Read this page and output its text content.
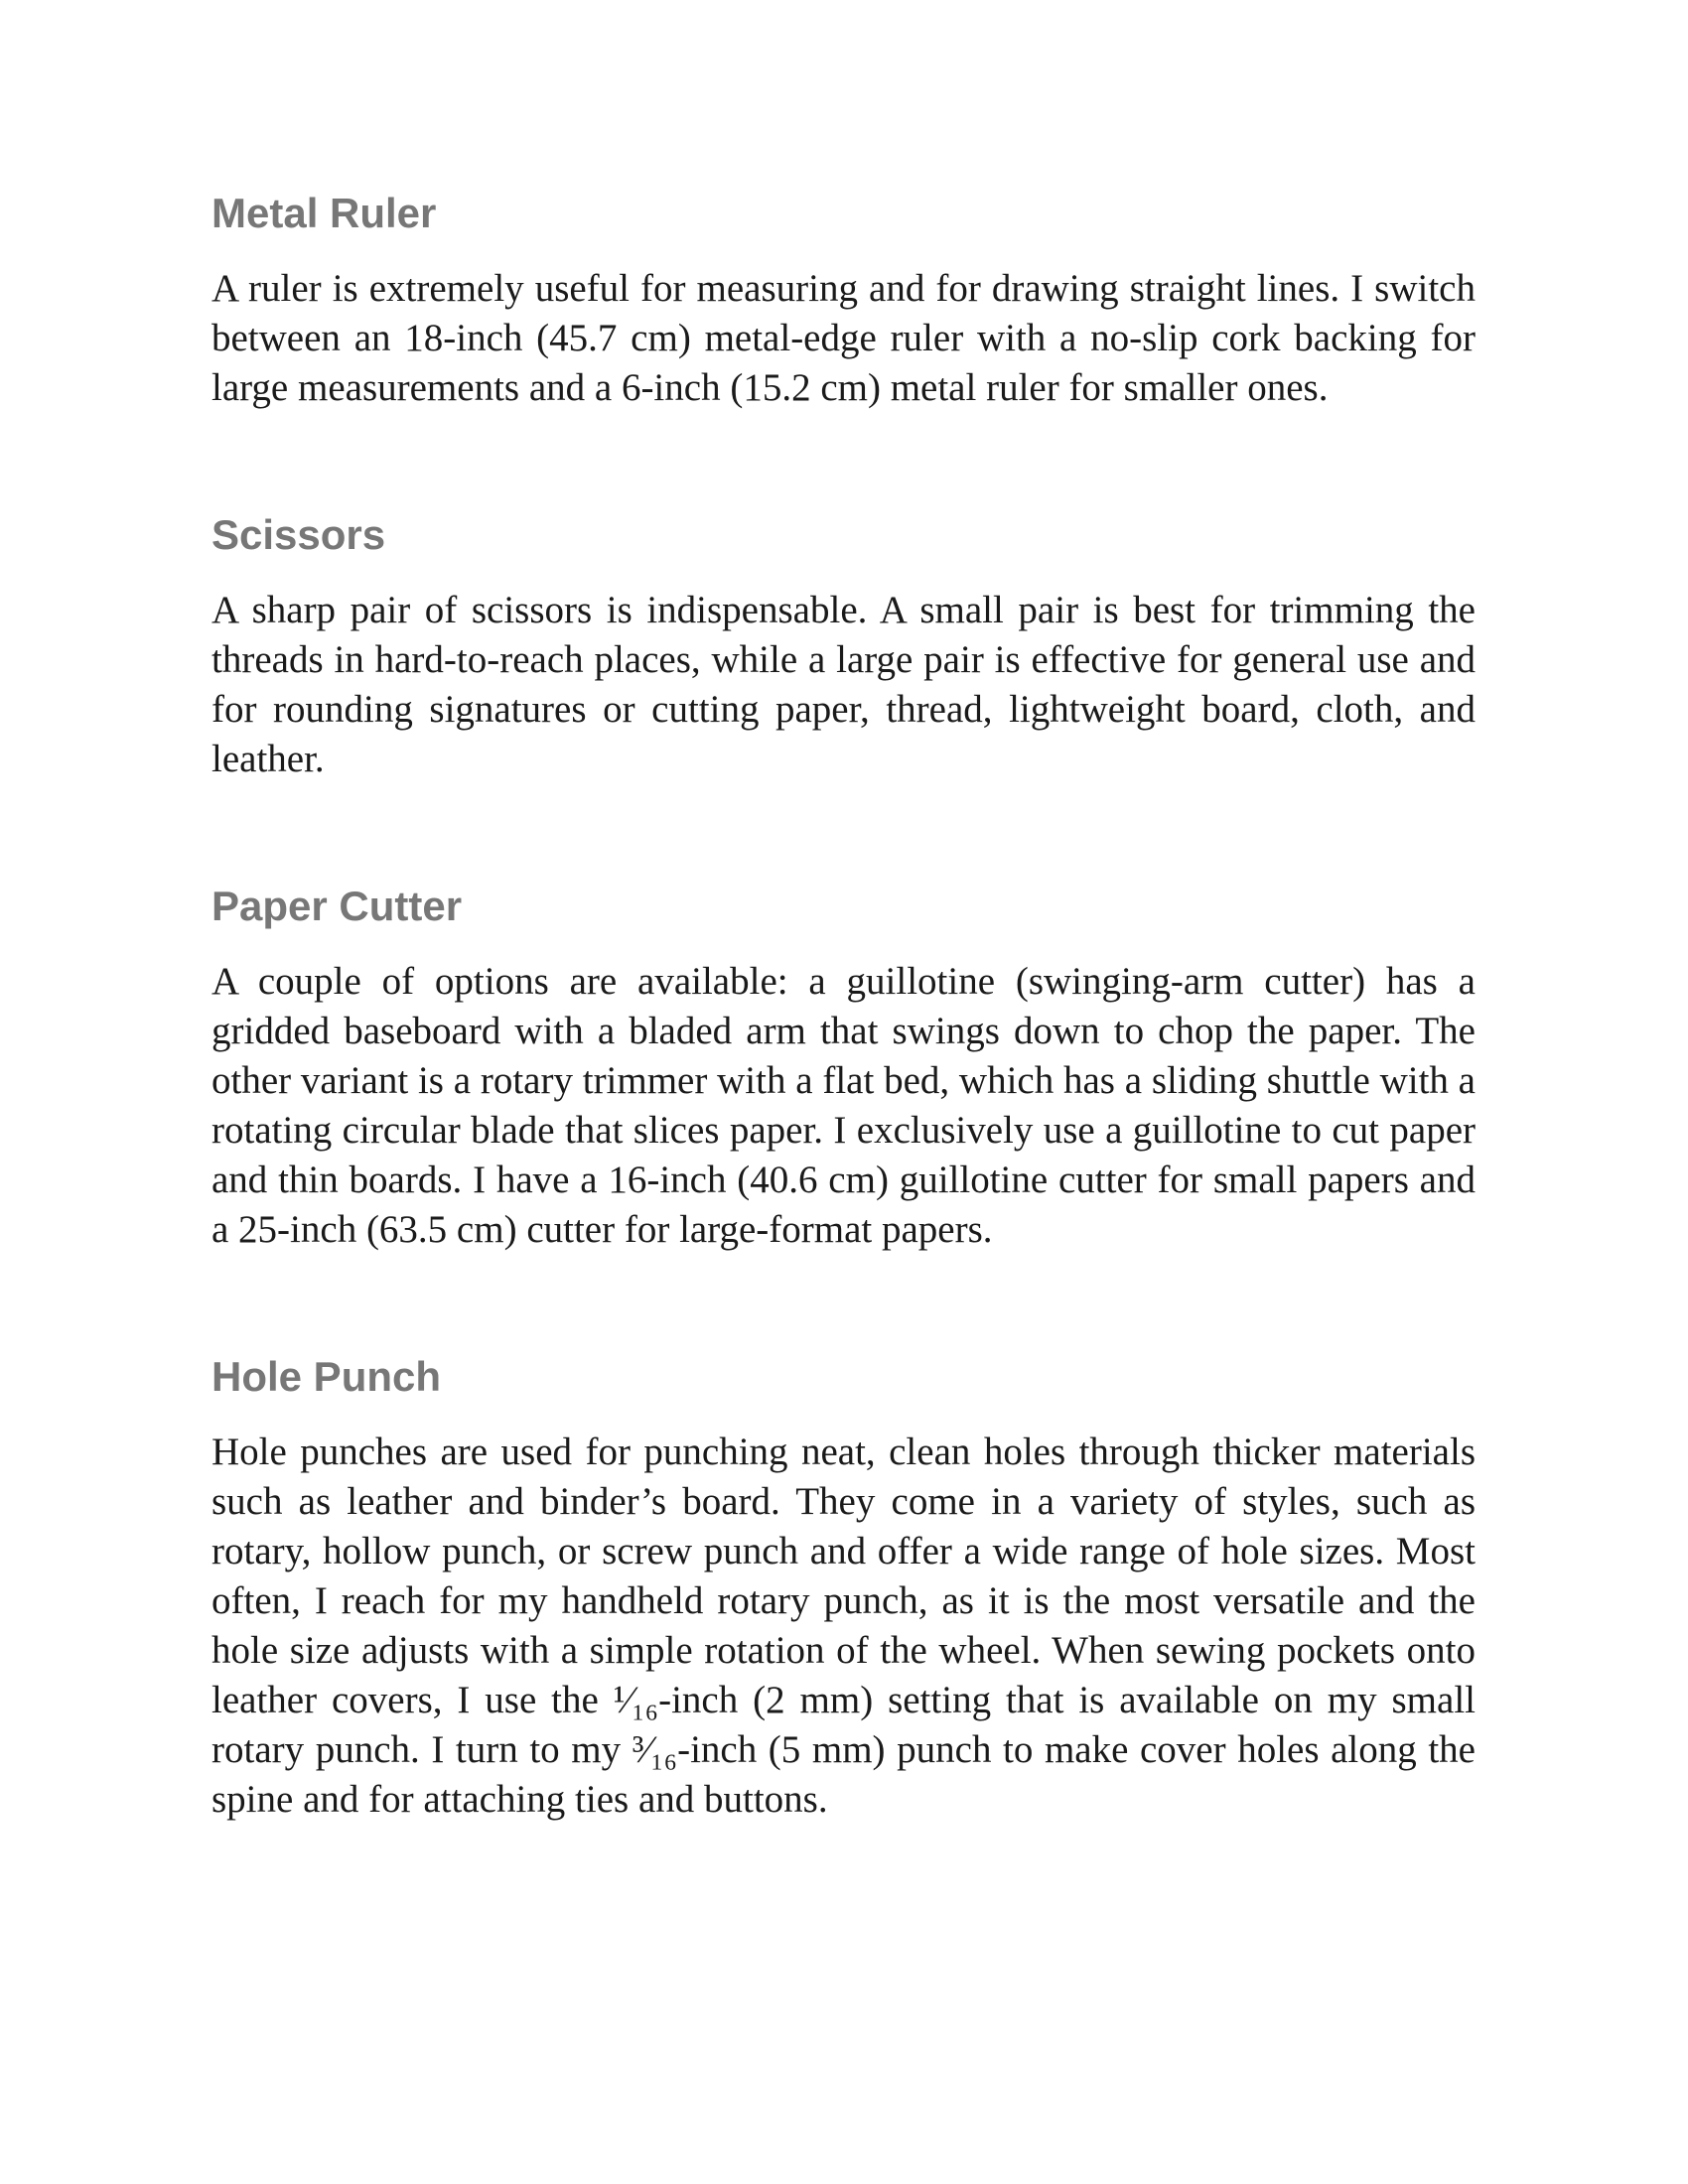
Metal Ruler

A ruler is extremely useful for measuring and for drawing straight lines. I switch between an 18-inch (45.7 cm) metal-edge ruler with a no-slip cork backing for large measurements and a 6-inch (15.2 cm) metal ruler for smaller ones.

Scissors

A sharp pair of scissors is indispensable. A small pair is best for trimming the threads in hard-to-reach places, while a large pair is effective for general use and for rounding signatures or cutting paper, thread, lightweight board, cloth, and leather.

Paper Cutter

A couple of options are available: a guillotine (swinging-arm cutter) has a gridded baseboard with a bladed arm that swings down to chop the paper. The other variant is a rotary trimmer with a flat bed, which has a sliding shuttle with a rotating circular blade that slices paper. I exclusively use a guillotine to cut paper and thin boards. I have a 16-inch (40.6 cm) guillotine cutter for small papers and a 25-inch (63.5 cm) cutter for large-format papers.

Hole Punch

Hole punches are used for punching neat, clean holes through thicker materials such as leather and binder’s board. They come in a variety of styles, such as rotary, hollow punch, or screw punch and offer a wide range of hole sizes. Most often, I reach for my handheld rotary punch, as it is the most versatile and the hole size adjusts with a simple rotation of the wheel. When sewing pockets onto leather covers, I use the ¹⁄₁₆-inch (2 mm) setting that is available on my small rotary punch. I turn to my ³⁄₁₆-inch (5 mm) punch to make cover holes along the spine and for attaching ties and buttons.
